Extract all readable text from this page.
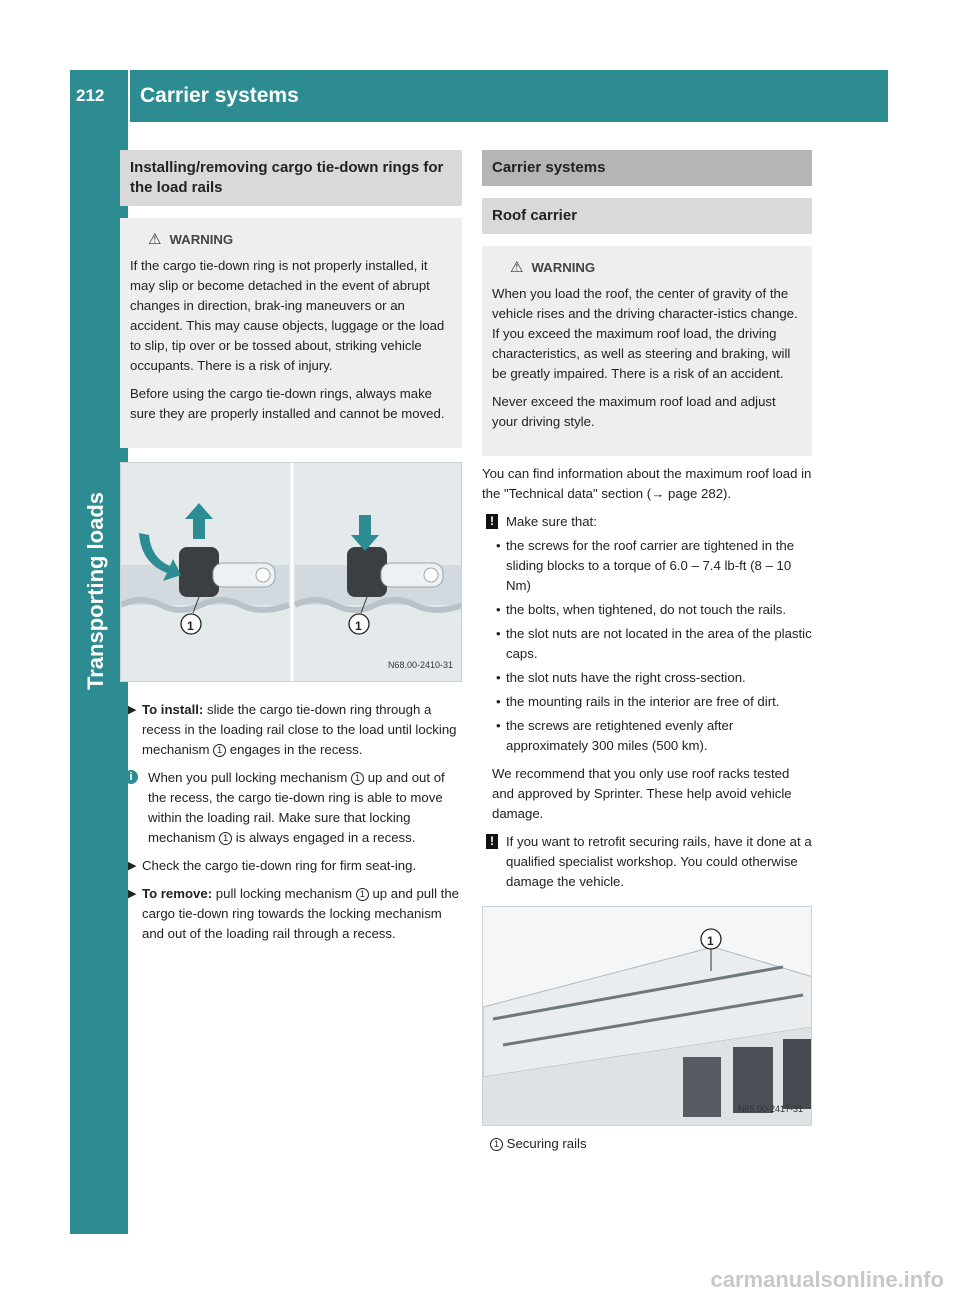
212 Carrier systems
Installing/removing cargo tie-down rings for the load rails
⚠ WARNING

If the cargo tie-down ring is not properly installed, it may slip or become detached in the event of abrupt changes in direction, brak-ing maneuvers or an accident. This may cause objects, luggage or the load to slip, tip over or be tossed about, striking vehicle occupants. There is a risk of injury.

Before using the cargo tie-down rings, always make sure they are properly installed and cannot be moved.

1	1
N68.00-2410-31
▶ To install: slide the cargo tie-down ring through a recess in the loading rail close to the load until locking mechanism 1 engages in the recess.
i	When you pull locking mechanism 1 up and out of the recess, the cargo tie-down ring is able to move within the loading rail. Make sure that locking mechanism 1 is always engaged in a recess.
▶ Check the cargo tie-down ring for firm seat-ing.
▶ To remove: pull locking mechanism 1 up and pull the cargo tie-down ring towards the locking mechanism and out of the loading rail through a recess.
Carrier systems
Roof carrier
⚠ WARNING

When you load the roof, the center of gravity of the vehicle rises and the driving character-istics change. If you exceed the maximum roof load, the driving characteristics, as well as steering and braking, will be greatly impaired. There is a risk of an accident.

Never exceed the maximum roof load and adjust your driving style.

You can find information about the maximum roof load in the "Technical data" section (→ page 282).
! Make sure that:
• the screws for the roof carrier are tightened in the sliding blocks to a torque of 6.0 – 7.4 lb-ft (8 – 10 Nm)
• the bolts, when tightened, do not touch the rails.
• the slot nuts are not located in the area of the plastic caps.
• the slot nuts have the right cross-section.
• the mounting rails in the interior are free of dirt.
• the screws are retightened evenly after approximately 300 miles (500 km).
We recommend that you only use roof racks tested and approved by Sprinter. These help avoid vehicle damage.
! If you want to retrofit securing rails, have it done at a qualified specialist workshop. You could otherwise damage the vehicle.
1
N65.00-2417-31
1 Securing rails
carmanualsonline.info
